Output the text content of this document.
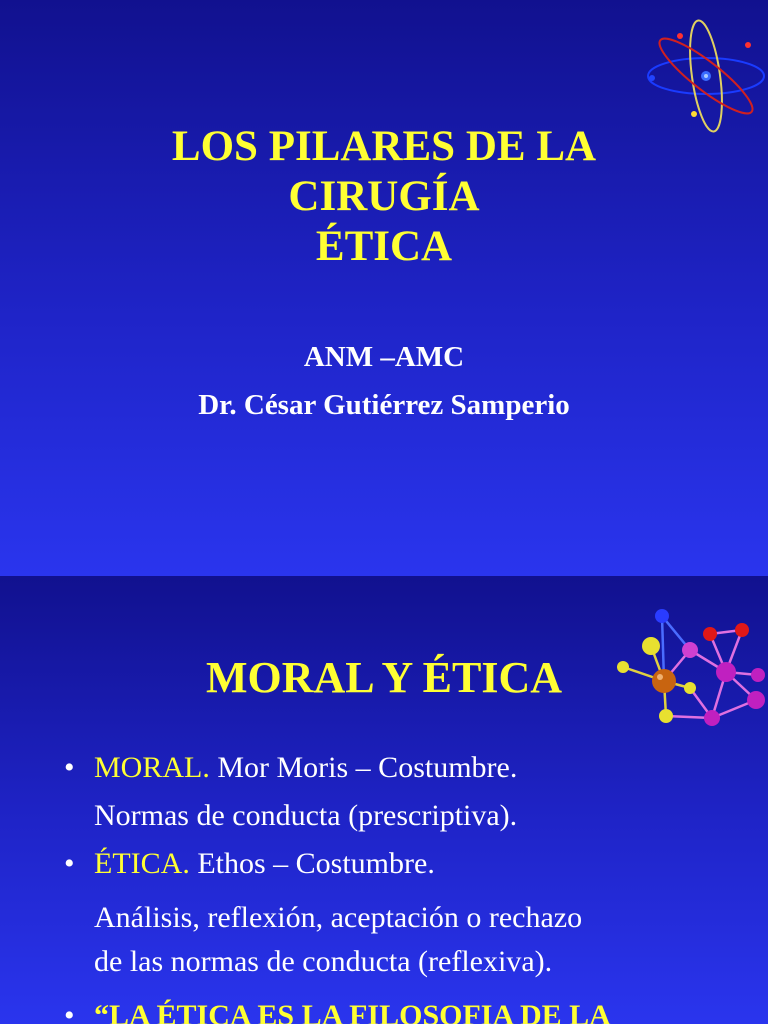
LOS PILARES DE LA
CIRUGÍA
ÉTICA
ANM –AMC
Dr. César Gutiérrez Samperio
MORAL Y ÉTICA
• MORAL. Mor Moris – Costumbre.
Normas de conducta (prescriptiva).
• ÉTICA. Ethos – Costumbre.
Análisis, reflexión, aceptación o rechazo
de las normas de conducta (reflexiva).
• “LA ÉTICA ES LA FILOSOFIA DE LA
